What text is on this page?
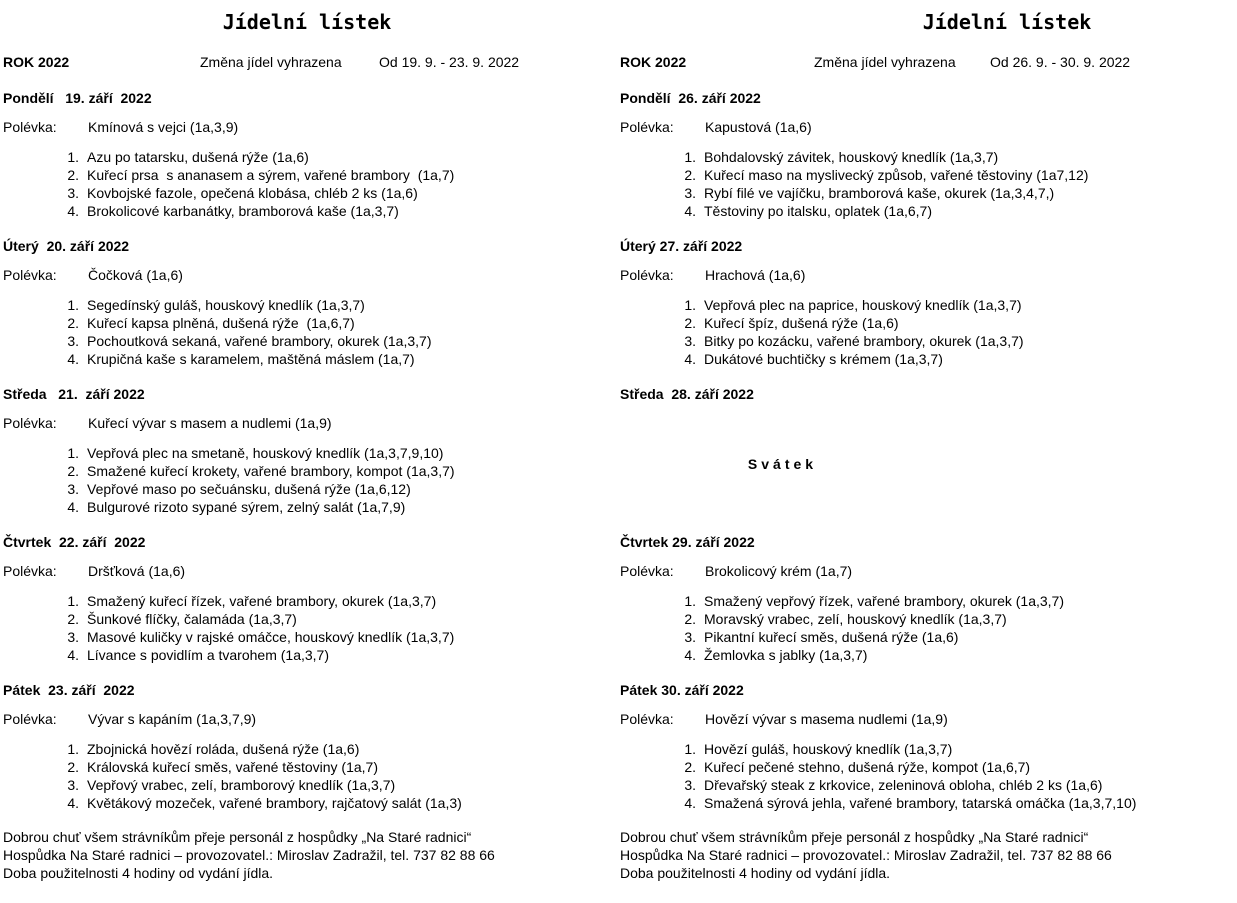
Jídelní lístek
ROK 2022	Změna jídel vyhrazena	Od 19. 9. - 23. 9. 2022
Pondělí   19. září  2022
Polévka: Kmínová s vejci (1a,3,9)
1. Azu po tatarsku, dušená rýže (1a,6)
2. Kuřecí prsa  s ananasem a sýrem, vařené brambory  (1a,7)
3. Kovbojské fazole, opečená klobása, chléb 2 ks (1a,6)
4. Brokolicové karbanátky, bramborová kaše (1a,3,7)
Úterý  20. září 2022
Polévka: Čočková (1a,6)
1. Segedínský guláš, houskový knedlík (1a,3,7)
2. Kuřecí kapsa plněná, dušená rýže  (1a,6,7)
3. Pochoutková sekaná, vařené brambory, okurek (1a,3,7)
4. Krupičná kaše s karamelem, maštěná máslem (1a,7)
Středa   21.  září 2022
Polévka: Kuřecí vývar s masem a nudlemi (1a,9)
1. Vepřová plec na smetaně, houskový knedlík (1a,3,7,9,10)
2. Smažené kuřecí krokety, vařené brambory, kompot (1a,3,7)
3. Vepřové maso po sečuánsku, dušená rýže (1a,6,12)
4. Bulgurové rizoto sypané sýrem, zelný salát (1a,7,9)
Čtvrtek  22. září  2022
Polévka: Dršťková (1a,6)
1. Smažený kuřecí řízek, vařené brambory, okurek (1a,3,7)
2. Šunkové flíčky, čalamáda (1a,3,7)
3. Masové kuličky v rajské omáčce, houskový knedlík (1a,3,7)
4. Lívance s povidlím a tvarohem (1a,3,7)
Pátek  23. září  2022
Polévka: Vývar s kapáním (1a,3,7,9)
1. Zbojnická hovězí roláda, dušená rýže (1a,6)
2. Královská kuřecí směs, vařené těstoviny (1a,7)
3. Vepřový vrabec, zelí, bramborový knedlík (1a,3,7)
4. Květákový mozeček, vařené brambory, rajčatový salát (1a,3)
Dobrou chuť všem strávníkům přeje personál z hospůdky „Na Staré radnici“
Hospůdka Na Staré radnici – provozovatel.: Miroslav Zadražil, tel. 737 82 88 66
Doba použitelnosti 4 hodiny od vydání jídla.
Jídelní lístek
ROK 2022	Změna jídel vyhrazena Od 26. 9. - 30. 9. 2022
Pondělí  26. září 2022
Polévka: Kapustová (1a,6)
1. Bohdalovský závitek, houskový knedlík (1a,3,7)
2. Kuřecí maso na myslivecký způsob, vařené těstoviny (1a7,12)
3. Rybí filé ve vajíčku, bramborová kaše, okurek (1a,3,4,7,)
4. Těstoviny po italsku, oplatek (1a,6,7)
Úterý 27. září 2022
Polévka: Hrachová (1a,6)
1. Vepřová plec na paprice, houskový knedlík (1a,3,7)
2. Kuřecí špíz, dušená rýže (1a,6)
3. Bitky po kozácku, vařené brambory, okurek (1a,3,7)
4. Dukátové buchtičky s krémem (1a,3,7)
Středa  28. září 2022
Svátek
Čtvrtek 29. září 2022
Polévka: Brokolicový krém (1a,7)
1. Smažený vepřový řízek, vařené brambory, okurek (1a,3,7)
2. Moravský vrabec, zelí, houskový knedlík (1a,3,7)
3. Pikantní kuřecí směs, dušená rýže (1a,6)
4. Žemlovka s jablky (1a,3,7)
Pátek 30. září 2022
Polévka: Hovězí vývar s masema nudlemi (1a,9)
1. Hovězí guláš, houskový knedlík (1a,3,7)
2. Kuřecí pečené stehno, dušená rýže, kompot (1a,6,7)
3. Dřevařský steak z krkovice, zeleninová obloha, chléb 2 ks (1a,6)
4. Smažená sýrová jehla, vařené brambory, tatarská omáčka (1a,3,7,10)
Dobrou chuť všem strávníkům přeje personál z hospůdky „Na Staré radnici“
Hospůdka Na Staré radnici – provozovatel.: Miroslav Zadražil, tel. 737 82 88 66
Doba použitelnosti 4 hodiny od vydání jídla.
